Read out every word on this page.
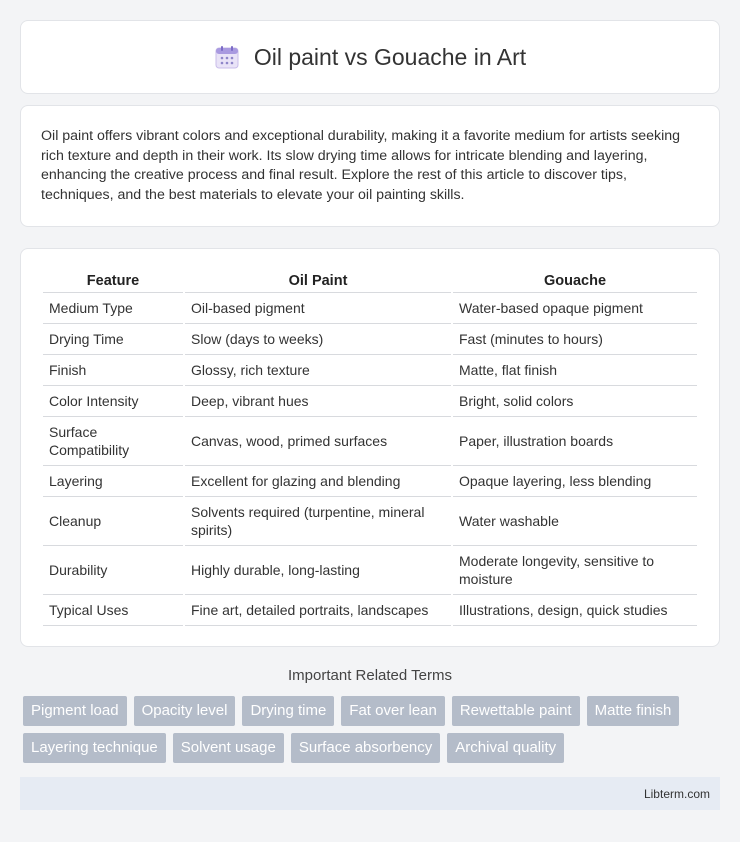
Oil paint vs Gouache in Art

Oil paint offers vibrant colors and exceptional durability, making it a favorite medium for artists seeking rich texture and depth in their work. Its slow drying time allows for intricate blending and layering, enhancing the creative process and final result. Explore the rest of this article to discover tips, techniques, and the best materials to elevate your oil painting skills.

Feature	Oil Paint	Gouache
Medium Type	Oil-based pigment	Water-based opaque pigment
Drying Time	Slow (days to weeks)	Fast (minutes to hours)
Finish	Glossy, rich texture	Matte, flat finish
Color Intensity	Deep, vibrant hues	Bright, solid colors
Surface Compatibility	Canvas, wood, primed surfaces	Paper, illustration boards
Layering	Excellent for glazing and blending	Opaque layering, less blending
Cleanup	Solvents required (turpentine, mineral spirits)	Water washable
Durability	Highly durable, long-lasting	Moderate longevity, sensitive to moisture
Typical Uses	Fine art, detailed portraits, landscapes	Illustrations, design, quick studies
Important Related Terms
Pigment load	Opacity level	Drying time	Fat over lean	Rewettable paint	Matte finish
Layering technique	Solvent usage	Surface absorbency	Archival quality
Libterm.com
